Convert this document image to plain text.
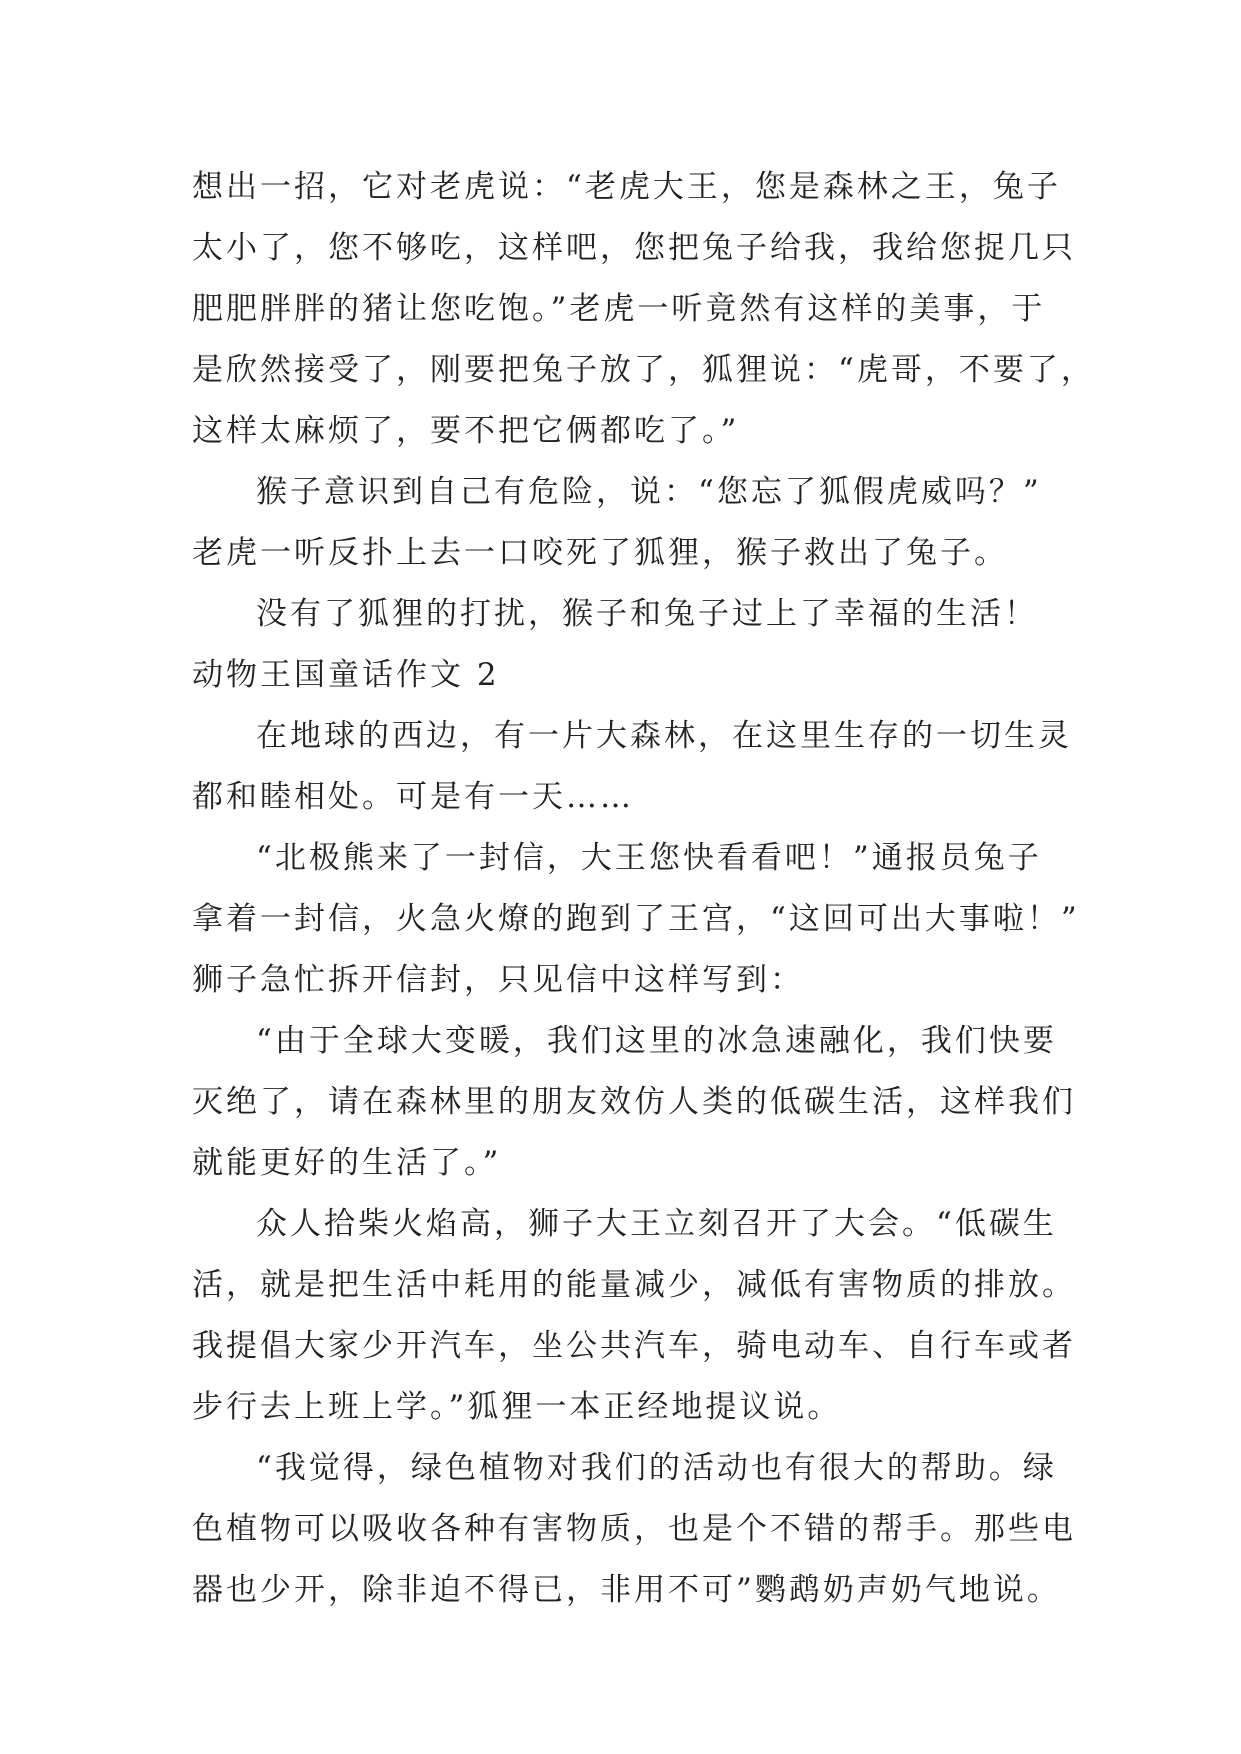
想出一招，它对老虎说：“老虎大王，您是森林之王，兔子
太小了，您不够吃，这样吧，您把兔子给我，我给您捉几只
肥肥胖胖的猪让您吃饱。”老虎一听竟然有这样的美事，于
是欣然接受了，刚要把兔子放了，狐狸说：“虎哥，不要了，
这样太麻烦了，要不把它俩都吃了。”
猴子意识到自己有危险，说：“您忘了狐假虎威吗？”
老虎一听反扑上去一口咬死了狐狸，猴子救出了兔子。
没有了狐狸的打扰，猴子和兔子过上了幸福的生活！
动物王国童话作文 2
在地球的西边，有一片大森林，在这里生存的一切生灵
都和睦相处。可是有一天……
“北极熊来了一封信，大王您快看看吧！”通报员兔子
拿着一封信，火急火燎的跑到了王宫，“这回可出大事啦！”
狮子急忙拆开信封，只见信中这样写到：
“由于全球大变暖，我们这里的冰急速融化，我们快要
灭绝了，请在森林里的朋友效仿人类的低碳生活，这样我们
就能更好的生活了。”
众人拾柴火焰高，狮子大王立刻召开了大会。“低碳生
活，就是把生活中耗用的能量减少，减低有害物质的排放。
我提倡大家少开汽车，坐公共汽车，骑电动车、自行车或者
步行去上班上学。”狐狸一本正经地提议说。
“我觉得，绿色植物对我们的活动也有很大的帮助。绿
色植物可以吸收各种有害物质，也是个不错的帮手。那些电
器也少开，除非迫不得已，非用不可”鹦鹉奶声奶气地说。
